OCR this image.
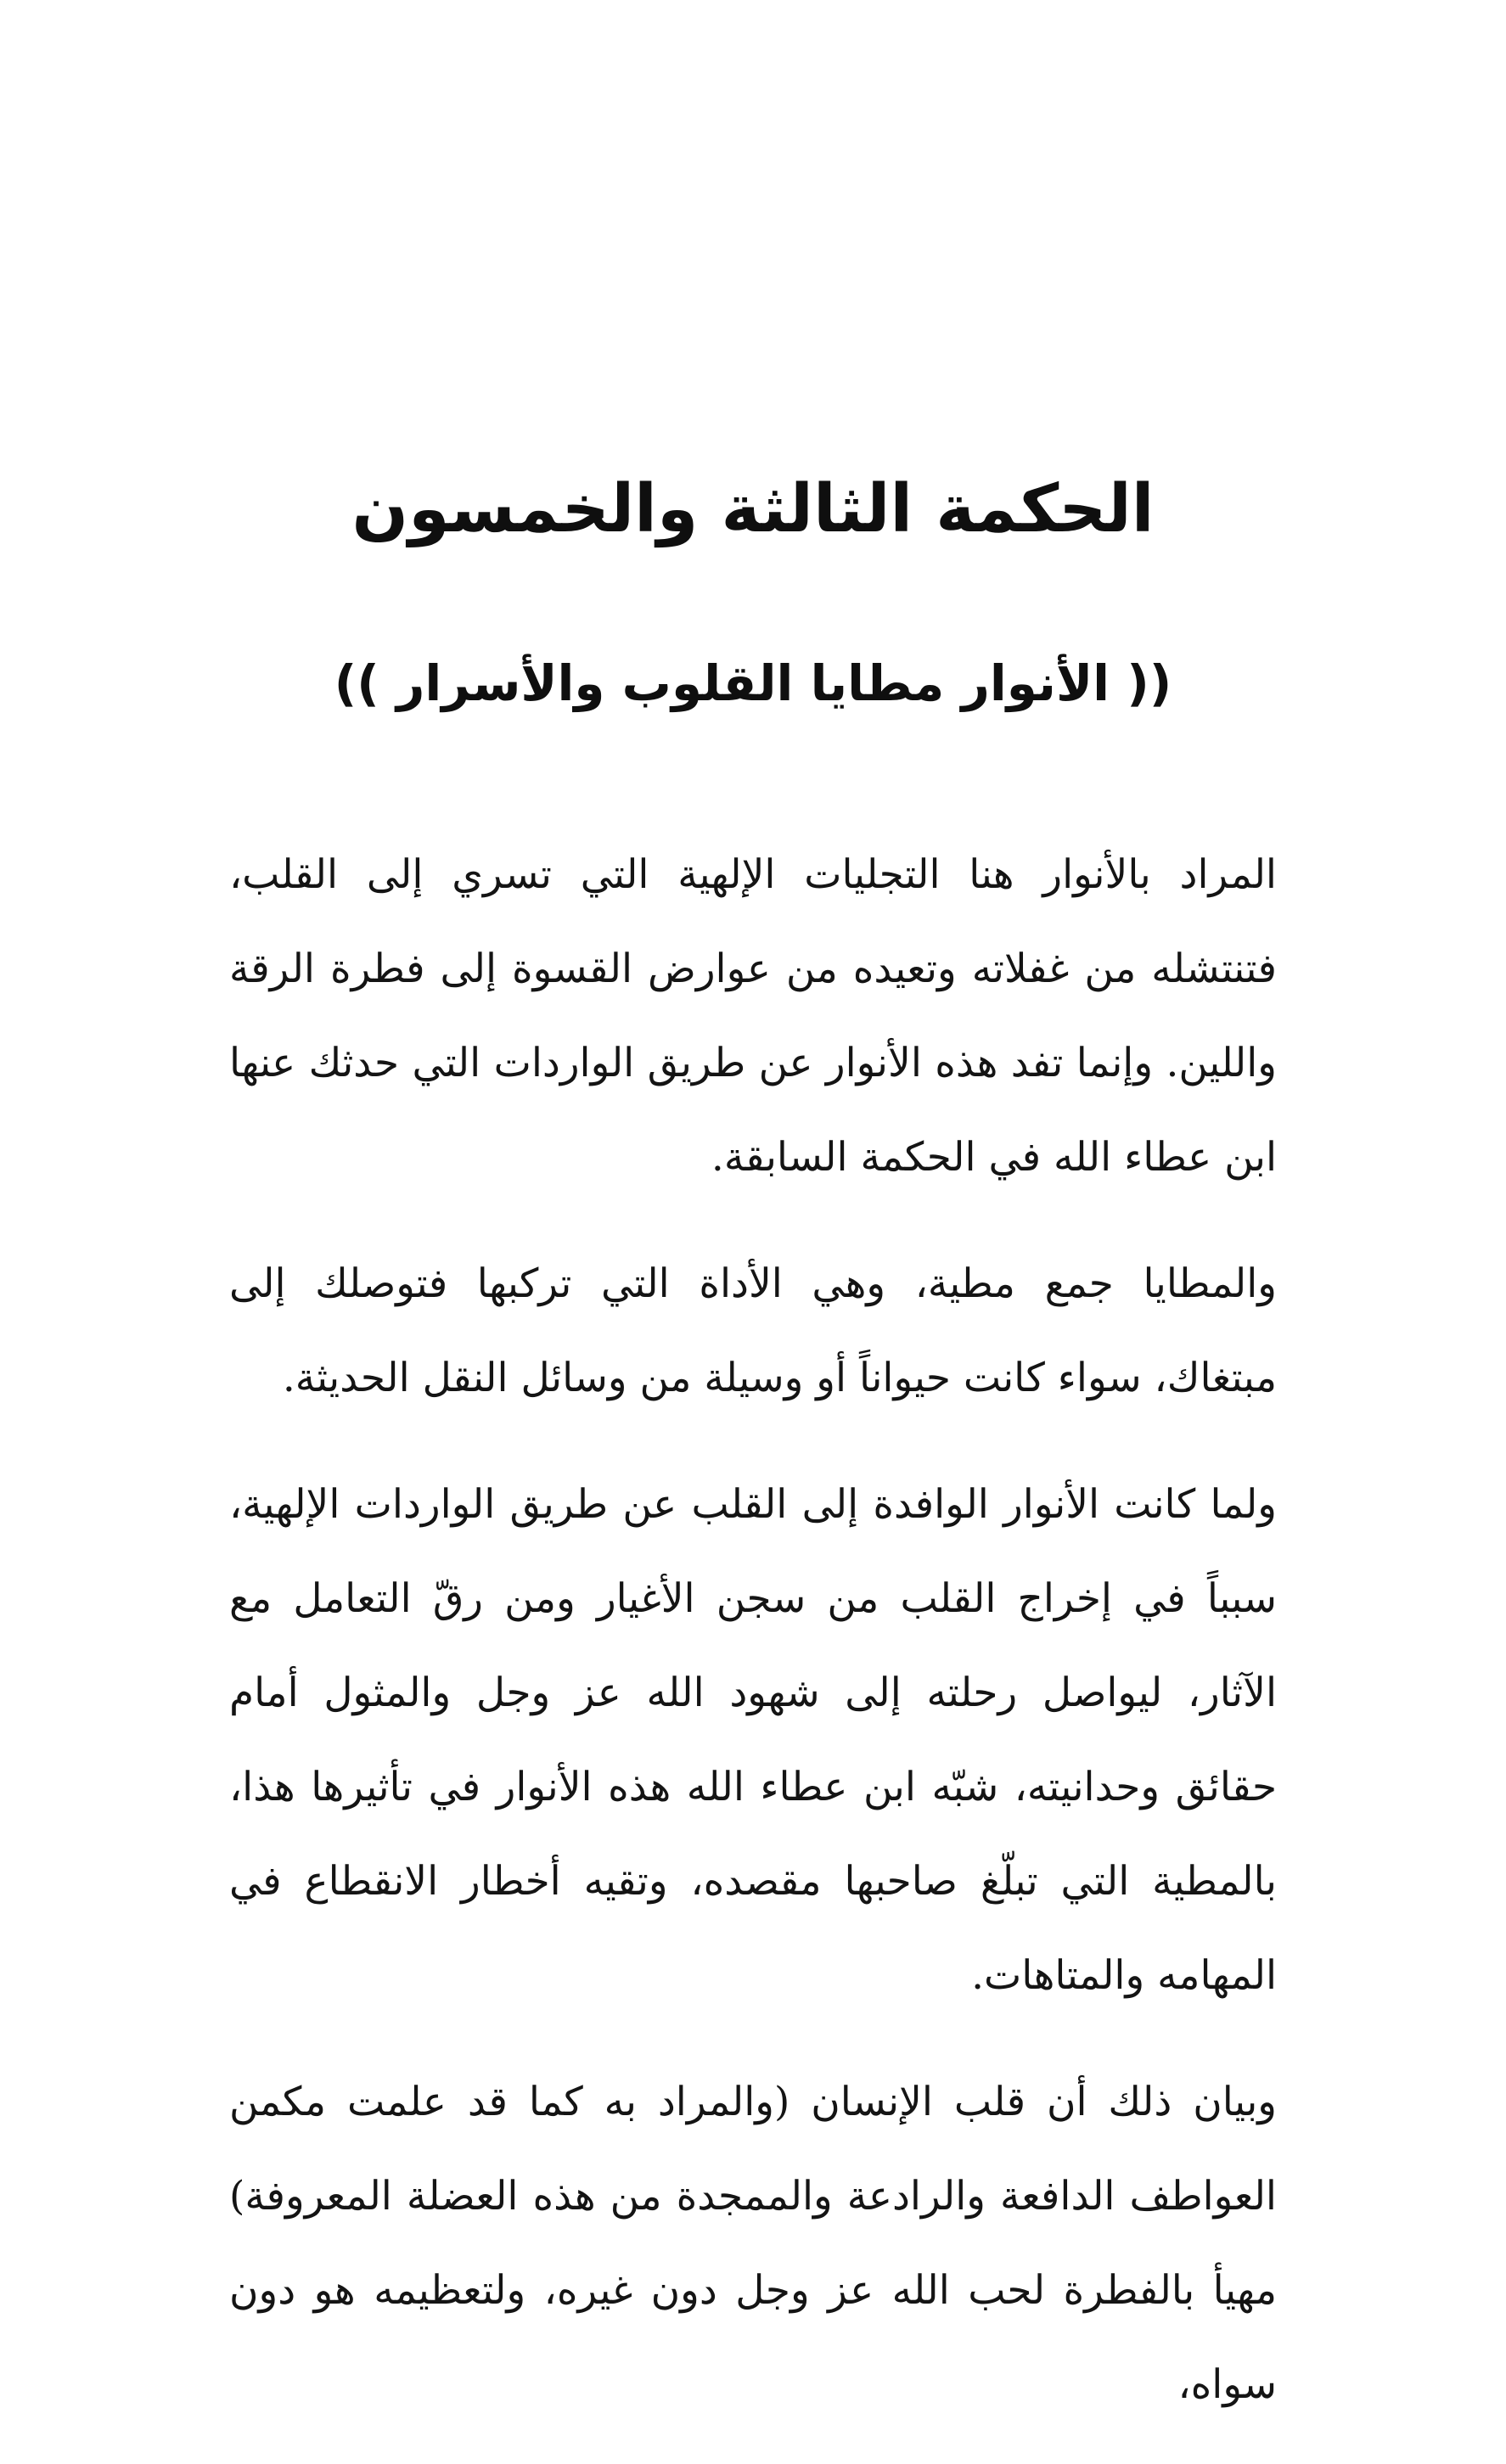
الحكمة الثالثة والخمسون
(( الأنوار مطايا القلوب والأسرار ))

المراد بالأنوار هنا التجليات الإلهية التي تسري إلى القلب، فتنتشله من غفلاته وتعيده من عوارض القسوة إلى فطرة الرقة واللين. وإنما تفد هذه الأنوار عن طريق الواردات التي حدثك عنها ابن عطاء الله في الحكمة السابقة.

والمطايا جمع مطية، وهي الأداة التي تركبها فتوصلك إلى مبتغاك، سواء كانت حيواناً أو وسيلة من وسائل النقل الحديثة.

ولما كانت الأنوار الوافدة إلى القلب عن طريق الواردات الإلهية، سبباً في إخراج القلب من سجن الأغيار ومن رقّ التعامل مع الآثار، ليواصل رحلته إلى شهود الله عز وجل والمثول أمام حقائق وحدانيته، شبّه ابن عطاء الله هذه الأنوار في تأثيرها هذا، بالمطية التي تبلّغ صاحبها مقصده، وتقيه أخطار الانقطاع في المهامه والمتاهات.

وبيان ذلك أن قلب الإنسان (والمراد به كما قد علمت مكمن العواطف الدافعة والرادعة والممجدة من هذه العضلة المعروفة) مهيأ بالفطرة لحب الله عز وجل دون غيره، ولتعظيمه هو دون سواه،
